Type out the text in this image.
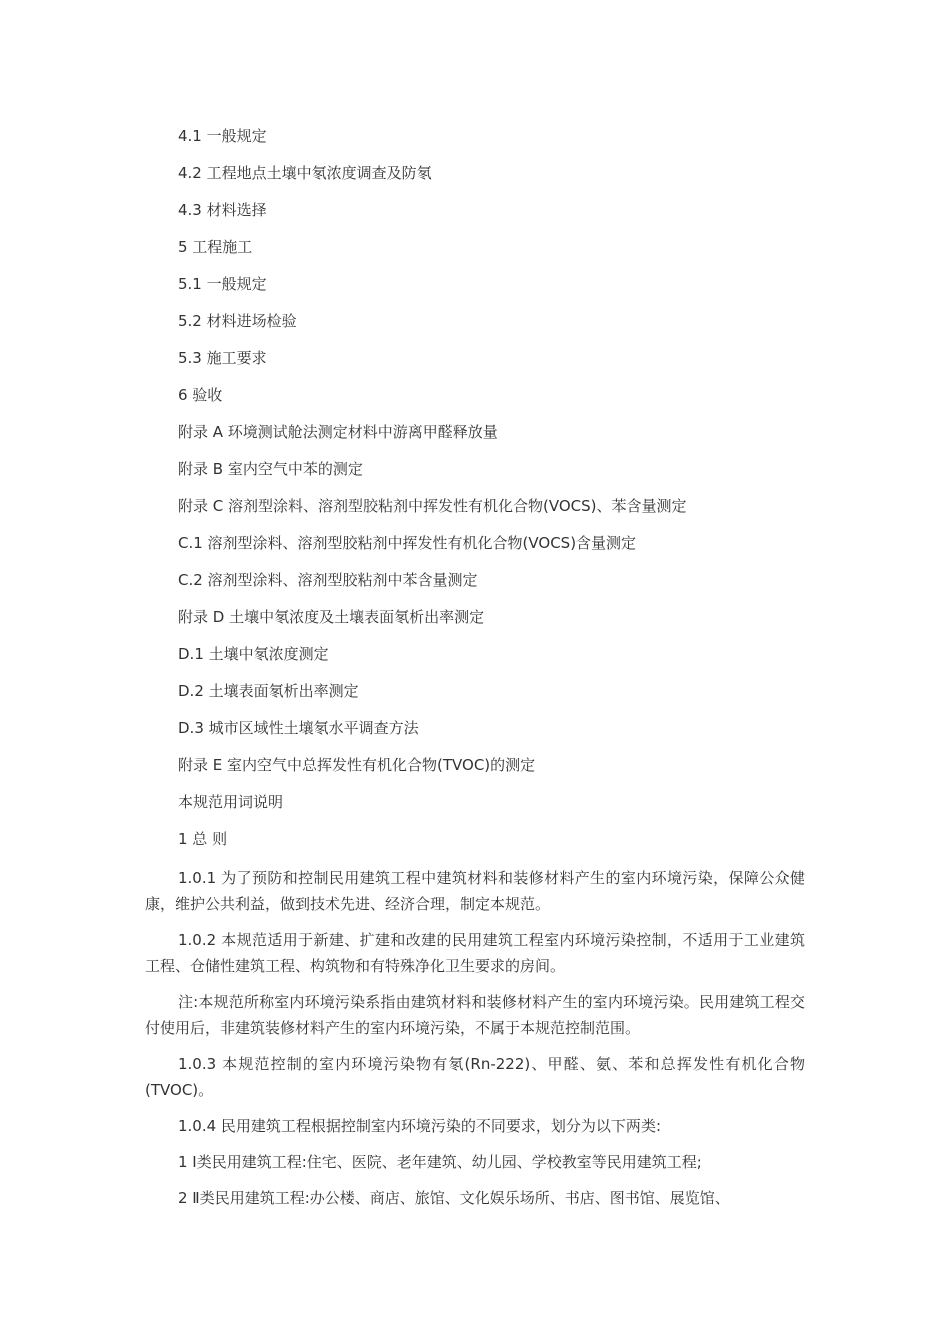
4.1 一般规定
4.2 工程地点土壤中氡浓度调查及防氡
4.3 材料选择
5 工程施工
5.1 一般规定
5.2 材料进场检验
5.3 施工要求
6 验收
附录 A 环境测试舱法测定材料中游离甲醛释放量
附录 B 室内空气中苯的测定
附录 C 溶剂型涂料、溶剂型胶粘剂中挥发性有机化合物(VOCS)、苯含量测定
C.1 溶剂型涂料、溶剂型胶粘剂中挥发性有机化合物(VOCS)含量测定
C.2 溶剂型涂料、溶剂型胶粘剂中苯含量测定
附录 D 土壤中氡浓度及土壤表面氡析出率测定
D.1 土壤中氡浓度测定
D.2 土壤表面氡析出率测定
D.3 城市区域性土壤氡水平调查方法
附录 E 室内空气中总挥发性有机化合物(TVOC)的测定
本规范用词说明
1 总 则

1.0.1 为了预防和控制民用建筑工程中建筑材料和装修材料产生的室内环境污染，保障公众健康，维护公共利益，做到技术先进、经济合理，制定本规范。

1.0.2 本规范适用于新建、扩建和改建的民用建筑工程室内环境污染控制，不适用于工业建筑工程、仓储性建筑工程、构筑物和有特殊净化卫生要求的房间。

注:本规范所称室内环境污染系指由建筑材料和装修材料产生的室内环境污染。民用建筑工程交付使用后，非建筑装修材料产生的室内环境污染，不属于本规范控制范围。

1.0.3 本规范控制的室内环境污染物有氡(Rn-222)、甲醛、氨、苯和总挥发性有机化合物(TVOC)。

1.0.4 民用建筑工程根据控制室内环境污染的不同要求，划分为以下两类:

1 Ⅰ类民用建筑工程:住宅、医院、老年建筑、幼儿园、学校教室等民用建筑工程;

2 Ⅱ类民用建筑工程:办公楼、商店、旅馆、文化娱乐场所、书店、图书馆、展览馆、
